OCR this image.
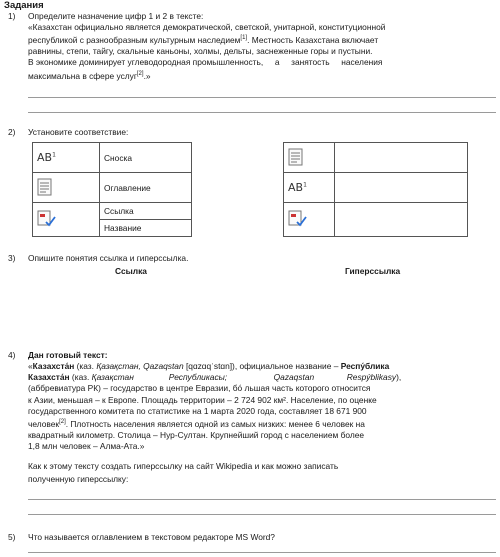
Задания
1) Определите назначение цифр 1 и 2 в тексте:
«Казахстан официально является демократической, светской, унитарной, конституционной
республикой с разнообразным культурным наследием[1]. Местность Казахстана включает
равнины, степи, тайгу, скальные каньоны, холмы, дельты, заснеженные горы и пустыни.
В экономике доминирует углеводородная промышленность,     а     занятость     населения
максимальна в сфере услуг[2].»
2) Установите соответствие:
$AB^1$	Сноска
	Оглавление
	Ссылка
	Название

$AB^1$	

3) Опишите понятия ссылка и гиперссылка.
Ссылка	Гиперссылка
4) Дан готовый текст:
«Казахста́н (каз. Қазақстан, Qazaqstan [qɑzɑqˈstɑn]), официальное название – Респу́блика
Казахста́н (каз. Қазақстан               Республикасы;                    Qazaqstan              Respýblikasy),
(аббревиатура РК) – государство в центре Евразии, бо́ льшая часть которого относится
к Азии, меньшая – к Европе. Площадь территории – 2 724 902 км². Население, по оценке
государственного комитета по статистике на 1 марта 2020 года, составляет 18 671 900
человек[2]. Плотность населения является одной из самых низких: менее 6 человек на
квадратный километр. Столица – Нур-Султан. Крупнейший город с населением более
1,8 млн человек – Алма-Ата.»
Как к этому тексту создать гиперссылку на сайт Wikipedia и как можно записать
полученную гиперссылку:
5) Что называется оглавлением в текстовом редакторе MS Word?
